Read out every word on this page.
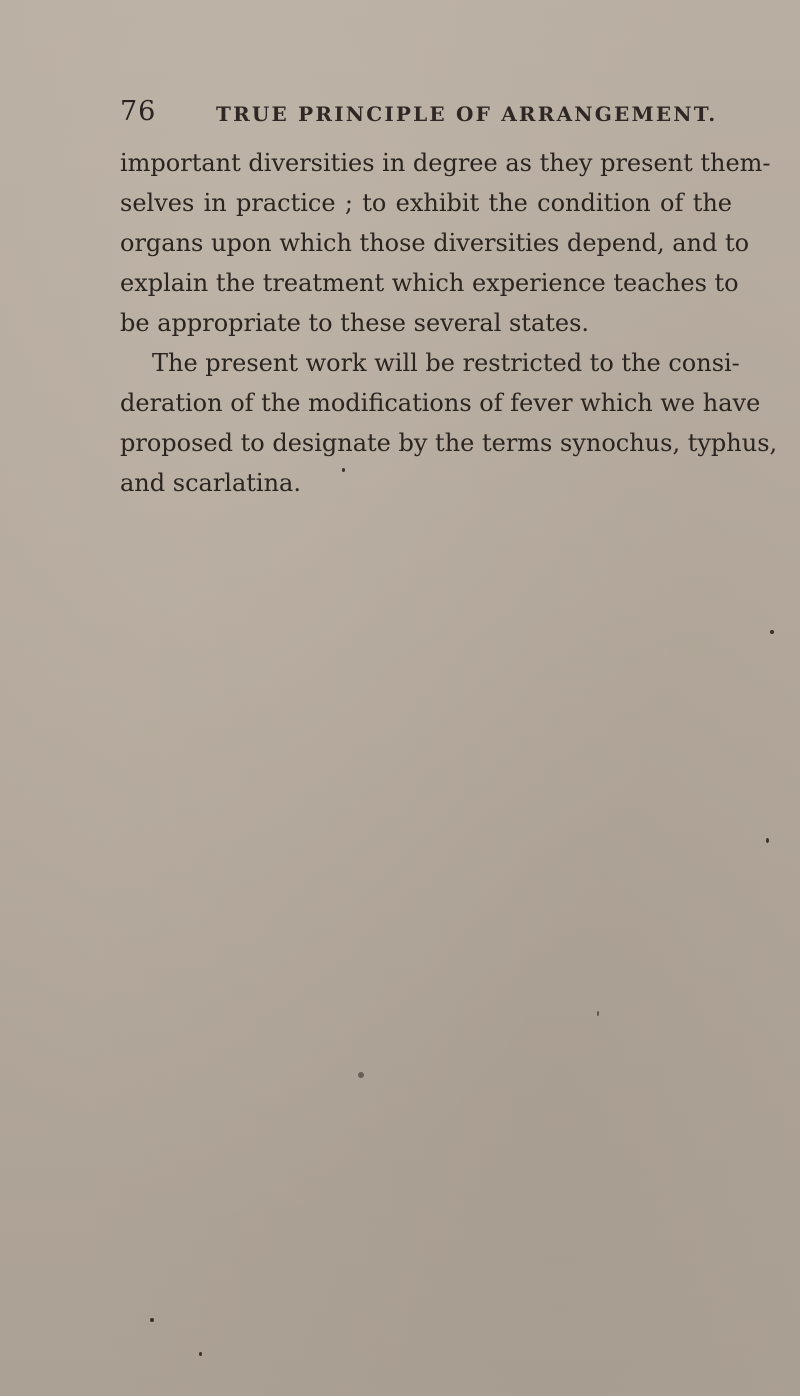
76	TRUE PRINCIPLE OF ARRANGEMENT.

important diversities in degree as they present them-
selves in practice ; to exhibit the condition of the
organs upon which those diversities depend, and to
explain the treatment which experience teaches to
be appropriate to these several states.

The present work will be restricted to the consi-
deration of the modifications of fever which we have
proposed to designate by the terms synochus, typhus,
and scarlatina.
